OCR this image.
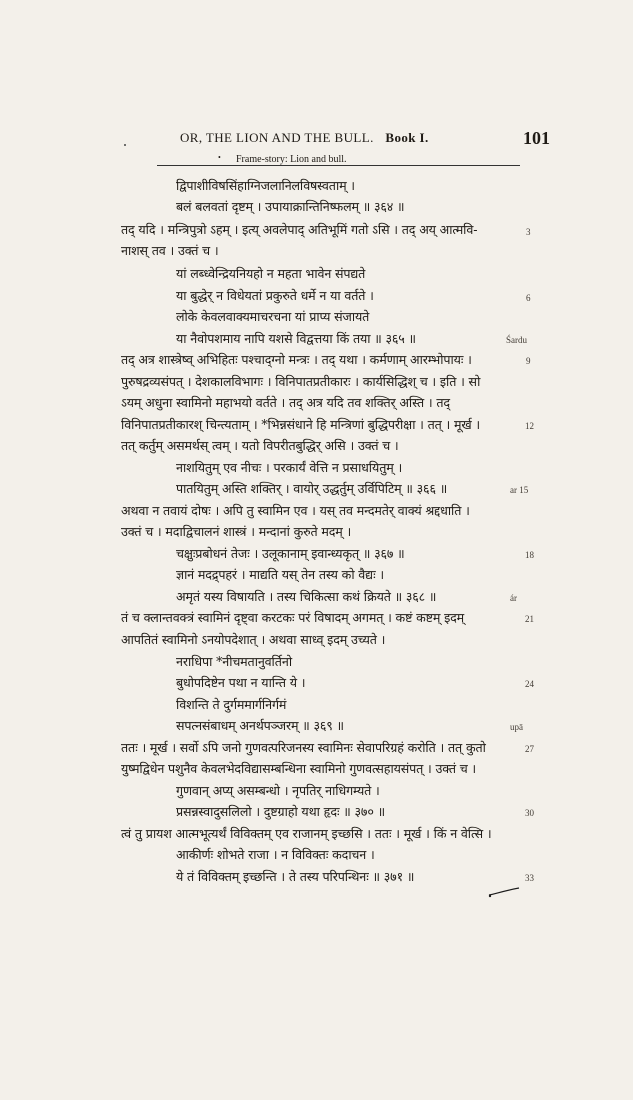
OR, THE LION AND THE BULL. Book I.	101
• Frame-story: Lion and bull.
द्विपाशीविषसिंहाग्निजलानिलविषस्वताम् ।
बलं बलवतां दृष्टम् । उपायाक्रान्तिनिष्फलम् ॥ ३६४ ॥
तद् यदि । मन्त्रिपुत्रो ऽहम् । इत्य् अवलेपाद् अतिभूमिं गतो ऽसि । तद् अय् आत्मवि-
नाशस् तव । उक्तं च ।
यां लब्ध्वेन्द्रियनियहो न महता भावेन संपद्यते
या बुद्धेर् न विधेयतां प्रकुरुते धर्मे न या वर्तते ।
लोके केवलवाक्यमाचरचना यां प्राप्य संजायते
या नैवोपशमाय नापि यशसे विद्वत्तया किं तया ॥ ३६५ ॥
तद् अत्र शास्त्रेष्व् अभिहितः पश्चाद्ग्नो मन्त्रः । तद् यथा । कर्मणाम् आरम्भोपायः ।
पुरुषद्रव्यसंपत् । देशकालविभागः । विनिपातप्रतीकारः । कार्यसिद्धिश् च । इति । सो
ऽयम् अधुना स्वामिनो महाभयो वर्तते । तद् अत्र यदि तव शक्तिर् अस्ति । तद्
विनिपातप्रतीकारश् चिन्त्यताम् । *भिन्नसंधाने हि मन्त्रिणां बुद्धिपरीक्षा । तत् । मूर्ख ।
तत् कर्तुम् असमर्थस् त्वम् । यतो विपरीतबुद्धिर् असि । उक्तं च ।
नाशयितुम् एव नीचः । परकार्यं वेत्ति न प्रसाधयितुम् ।
पातयितुम् अस्ति शक्तिर् । वायोर् उद्धर्तुम् उर्विपिटिम् ॥ ३६६ ॥
अथवा न तवायं दोषः । अपि तु स्वामिन एव । यस् तव मन्दमतेर् वाक्यं श्रद्दधाति ।
उक्तं च । मदाद्विचालनं शास्त्रं । मन्दानां कुरुते मदम् ।
चक्षुःप्रबोधनं तेजः । उलूकानाम् इवान्ध्यकृत् ॥ ३६७ ॥
ज्ञानं मदद्र्पहरं । माद्यति यस् तेन तस्य को वैद्यः ।
अमृतं यस्य विषायति । तस्य चिकित्सा कथं क्रियते ॥ ३६८ ॥
तं च क्लान्तवक्त्रं स्वामिनं दृष्ट्वा करटकः परं विषादम् अगमत् । कष्टं कष्टम् इदम्
आपतितं स्वामिनो ऽनयोपदेशात् । अथवा साध्व् इदम् उच्यते ।
नराधिपा *नीचमतानुवर्तिनो
बुधोपदिष्टेन पथा न यान्ति ये ।
विशन्ति ते दुर्गममार्गनिर्गमं
सपत्नसंबाधम् अनर्थपञ्जरम् ॥ ३६९ ॥
ततः । मूर्ख । सर्वो ऽपि जनो गुणवत्परिजनस्य स्वामिनः सेवापरिग्रहं करोति । तत् कुतो
युष्मद्विधेन पशुनैव केवलभेदविद्यासम्बन्धिना स्वामिनो गुणवत्सहायसंपत् । उक्तं च ।
गुणवान् अप्य् असम्बन्धो । नृपतिर् नाधिगम्यते ।
प्रसन्नस्वादुसलिलो । दुष्टग्राहो यथा हृदः ॥ ३७० ॥
त्वं तु प्रायश आत्मभूत्यर्थं विविक्तम् एव राजानम् इच्छसि । ततः । मूर्ख । किं न वेत्सि ।
आकीर्णः शोभते राजा । न विविक्तः कदाचन ।
ये तं विविक्तम् इच्छन्ति । ते तस्य परिपन्थिनः ॥ ३७१ ॥
3
6
Śardu
9
12
ar 15
18
ár
21
24
upā
27
30
33
